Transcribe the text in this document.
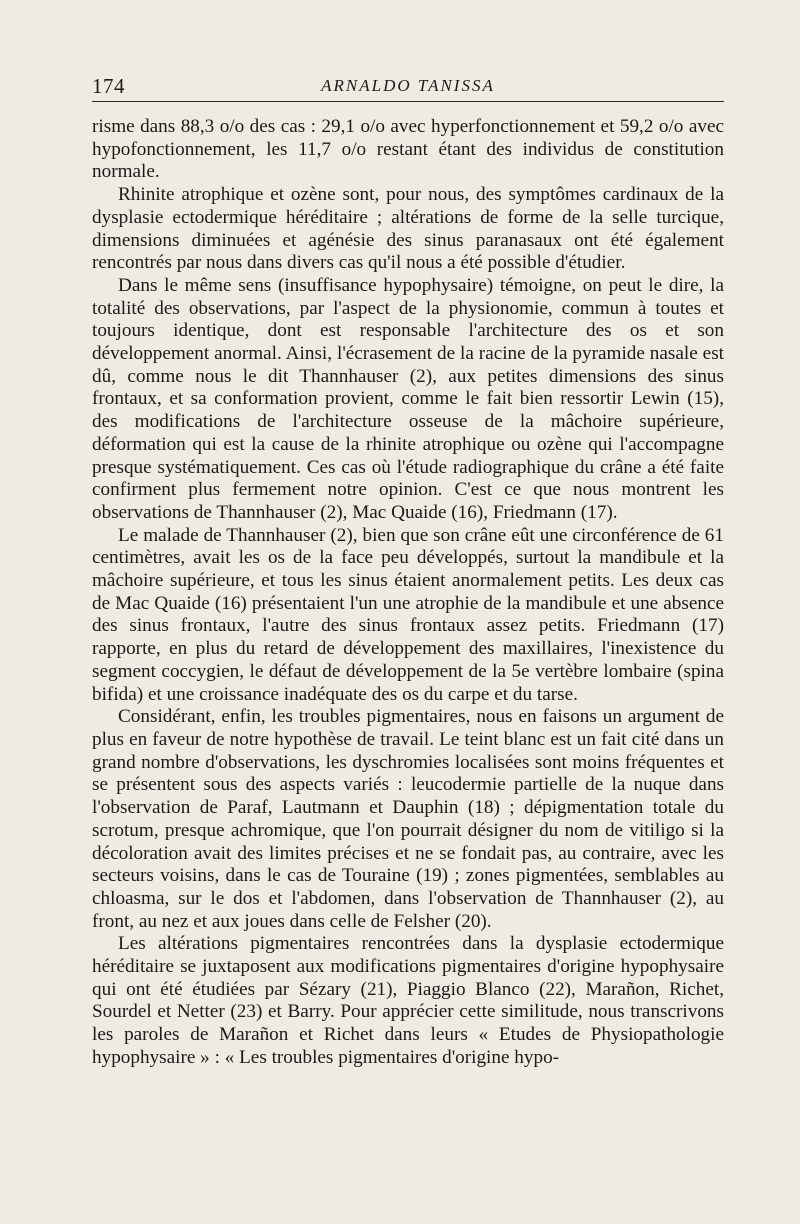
174	ARNALDO TANISSA

risme dans 88,3 o/o des cas : 29,1 o/o avec hyperfonctionnement et 59,2 o/o avec hypofonctionnement, les 11,7 o/o restant étant des individus de constitution normale.

Rhinite atrophique et ozène sont, pour nous, des symptômes cardinaux de la dysplasie ectodermique héréditaire ; altérations de forme de la selle turcique, dimensions diminuées et agénésie des sinus paranasaux ont été également rencontrés par nous dans divers cas qu'il nous a été possible d'étudier.

Dans le même sens (insuffisance hypophysaire) témoigne, on peut le dire, la totalité des observations, par l'aspect de la physionomie, commun à toutes et toujours identique, dont est responsable l'architecture des os et son développement anormal. Ainsi, l'écrasement de la racine de la pyramide nasale est dû, comme nous le dit Thannhauser (2), aux petites dimensions des sinus frontaux, et sa conformation provient, comme le fait bien ressortir Lewin (15), des modifications de l'architecture osseuse de la mâchoire supérieure, déformation qui est la cause de la rhinite atrophique ou ozène qui l'accompagne presque systématiquement. Ces cas où l'étude radiographique du crâne a été faite confirment plus fermement notre opinion. C'est ce que nous montrent les observations de Thannhauser (2), Mac Quaide (16), Friedmann (17).

Le malade de Thannhauser (2), bien que son crâne eût une circonférence de 61 centimètres, avait les os de la face peu développés, surtout la mandibule et la mâchoire supérieure, et tous les sinus étaient anormalement petits. Les deux cas de Mac Quaide (16) présentaient l'un une atrophie de la mandibule et une absence des sinus frontaux, l'autre des sinus frontaux assez petits. Friedmann (17) rapporte, en plus du retard de développement des maxillaires, l'inexistence du segment coccygien, le défaut de développement de la 5e vertèbre lombaire (spina bifida) et une croissance inadéquate des os du carpe et du tarse.

Considérant, enfin, les troubles pigmentaires, nous en faisons un argument de plus en faveur de notre hypothèse de travail. Le teint blanc est un fait cité dans un grand nombre d'observations, les dyschromies localisées sont moins fréquentes et se présentent sous des aspects variés : leucodermie partielle de la nuque dans l'observation de Paraf, Lautmann et Dauphin (18) ; dépigmentation totale du scrotum, presque achromique, que l'on pourrait désigner du nom de vitiligo si la décoloration avait des limites précises et ne se fondait pas, au contraire, avec les secteurs voisins, dans le cas de Touraine (19) ; zones pigmentées, semblables au chloasma, sur le dos et l'abdomen, dans l'observation de Thannhauser (2), au front, au nez et aux joues dans celle de Felsher (20).

Les altérations pigmentaires rencontrées dans la dysplasie ectodermique héréditaire se juxtaposent aux modifications pigmentaires d'origine hypophysaire qui ont été étudiées par Sézary (21), Piaggio Blanco (22), Marañon, Richet, Sourdel et Netter (23) et Barry. Pour apprécier cette similitude, nous transcrivons les paroles de Marañon et Richet dans leurs « Etudes de Physiopathologie hypophysaire » : « Les troubles pigmentaires d'origine hypo-
